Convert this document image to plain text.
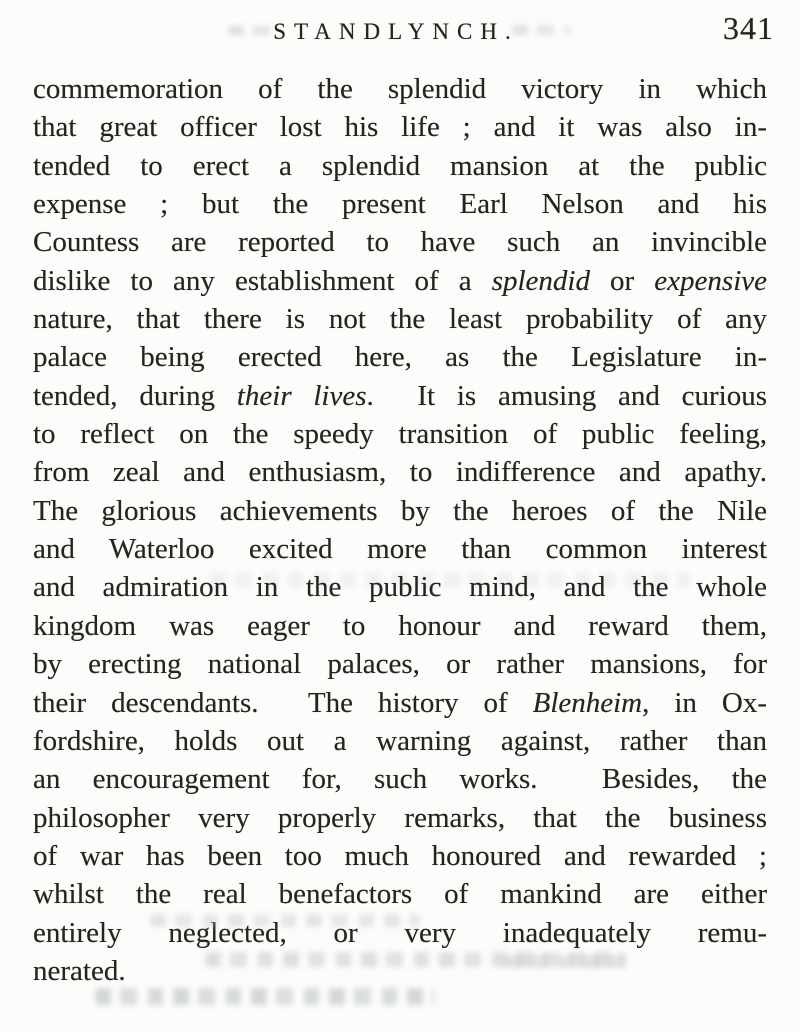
STANDLYNCH.	341
commemoration of the splendid victory in which
that great officer lost his life ; and it was also in-
tended to erect a splendid mansion at the public
expense ; but the present Earl Nelson and his
Countess are reported to have such an invincible
dislike to any establishment of a splendid or expensive
nature, that there is not the least probability of any
palace being erected here, as the Legislature in-
tended, during their lives.  It is amusing and curious
to reflect on the speedy transition of public feeling,
from zeal and enthusiasm, to indifference and apathy.
The glorious achievements by the heroes of the Nile
and Waterloo excited more than common interest
and admiration in the public mind, and the whole
kingdom was eager to honour and reward them,
by erecting national palaces, or rather mansions, for
their descendants.  The history of Blenheim, in Ox-
fordshire, holds out a warning against, rather than
an encouragement for, such works.  Besides, the
philosopher very properly remarks, that the business
of war has been too much honoured and rewarded ;
whilst the real benefactors of mankind are either
entirely neglected, or very inadequately remu-
nerated.
